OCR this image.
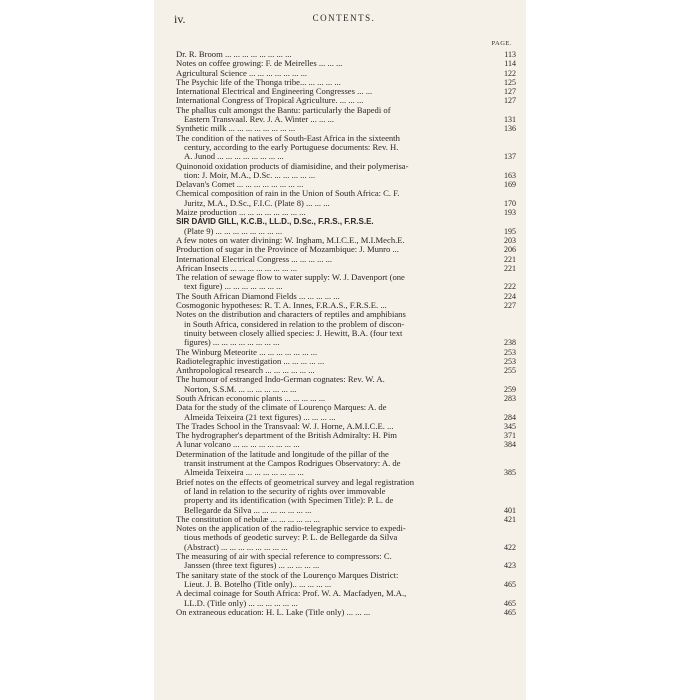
iv.	CONTENTS.
PAGE.
Dr. R. Broom ... ... ... ... ... ... ... ...	113
Notes on coffee growing: F. de Meirelles ... ... ...	114
Agricultural Science ... ... ... ... ... ... ...	122
The Psychic life of the Thonga tribe... ... ... ... ...	125
International Electrical and Engineering Congresses ... ...	127
International Congress of Tropical Agriculture. ... ... ...	127
The phallus cult amongst the Bantu: particularly the Bapedi of
Eastern Transvaal. Rev. J. A. Winter ... ... ...	131
Synthetic milk ... ... ... ... ... ... ... ...	136
The condition of the natives of South-East Africa in the sixteenth
century, according to the early Portuguese documents: Rev. H.
A. Junod ... ... ... ... ... ... ... ...	137
Quinonoid oxidation products of diamisidine, and their polymerisa-
tion: J. Moir, M.A., D.Sc. ... ... ... ... ...	163
Delavan's Comet ... ... ... ... ... ... ... ...	169
Chemical composition of rain in the Union of South Africa: C. F.
Juritz, M.A., D.Sc., F.I.C. (Plate 8) ... ... ...	170
Maize production ... ... ... ... ... ... ... ...	193
SIR DAVID GILL, K.C.B., LL.D., D.Sc., F.R.S., F.R.S.E.
(Plate 9) ... ... ... ... ... ... ... ...	195
A few notes on water divining: W. Ingham, M.I.C.E., M.I.Mech.E.	203
Production of sugar in the Province of Mozambique: J. Munro ...	206
International Electrical Congress ... ... ... ... ...	221
African Insects ... ... ... ... ... ... ... ...	221
The relation of sewage flow to water supply: W. J. Davenport (one
text figure) ... ... ... ... ... ... ...	222
The South African Diamond Fields ... ... ... ... ...	224
Cosmogonic hypotheses: R. T. A. Innes, F.R.A.S., F.R.S.E. ...	227
Notes on the distribution and characters of reptiles and amphibians
in South Africa, considered in relation to the problem of discon-
tinuity between closely allied species: J. Hewitt, B.A. (four text
figures) ... ... ... ... ... ... ... ...	238
The Winburg Meteorite ... ... ... ... ... ... ...	253
Radiotelegraphic investigation ... ... ... ... ...	253
Anthropological research ... ... ... ... ... ...	255
The humour of estranged Indo-German cognates: Rev. W. A.
Norton, S.S.M. ... ... ... ... ... ... ...	259
South African economic plants ... ... ... ... ...	283
Data for the study of the climate of Lourenço Marques: A. de
Almeida Teixeira (21 text figures) ... ... ... ...	284
The Trades School in the Transvaal: W. J. Horne, A.M.I.C.E. ...	345
The hydrographer's department of the British Admiralty: H. Pim	371
A lunar volcano ... ... ... ... ... ... ... ...	384
Determination of the latitude and longitude of the pillar of the
transit instrument at the Campos Rodrigues Observatory: A. de
Almeida Teixeira ... ... ... ... ... ... ...	385
Brief notes on the effects of geometrical survey and legal registration
of land in relation to the security of rights over immovable
property and its identification (with Specimen Title): P. L. de
Bellegarde da Silva ... ... ... ... ... ... ...	401
The constitution of nebulæ ... ... ... ... ... ...	421
Notes on the application of the radio-telegraphic service to expedi-
tious methods of geodetic survey: P. L. de Bellegarde da Silva
(Abstract) ... ... ... ... ... ... ... ...	422
The measuring of air with special reference to compressors: C.
Janssen (three text figures) ... ... ... ... ...	423
The sanitary state of the stock of the Lourenço Marques District:
Lieut. J. B. Botelho (Title only).. ... ... ... ...	465
A decimal coinage for South Africa: Prof. W. A. Macfadyen, M.A.,
LL.D. (Title only) ... ... ... ... ... ...	465
On extraneous education: H. L. Lake (Title only) ... ... ...	465
